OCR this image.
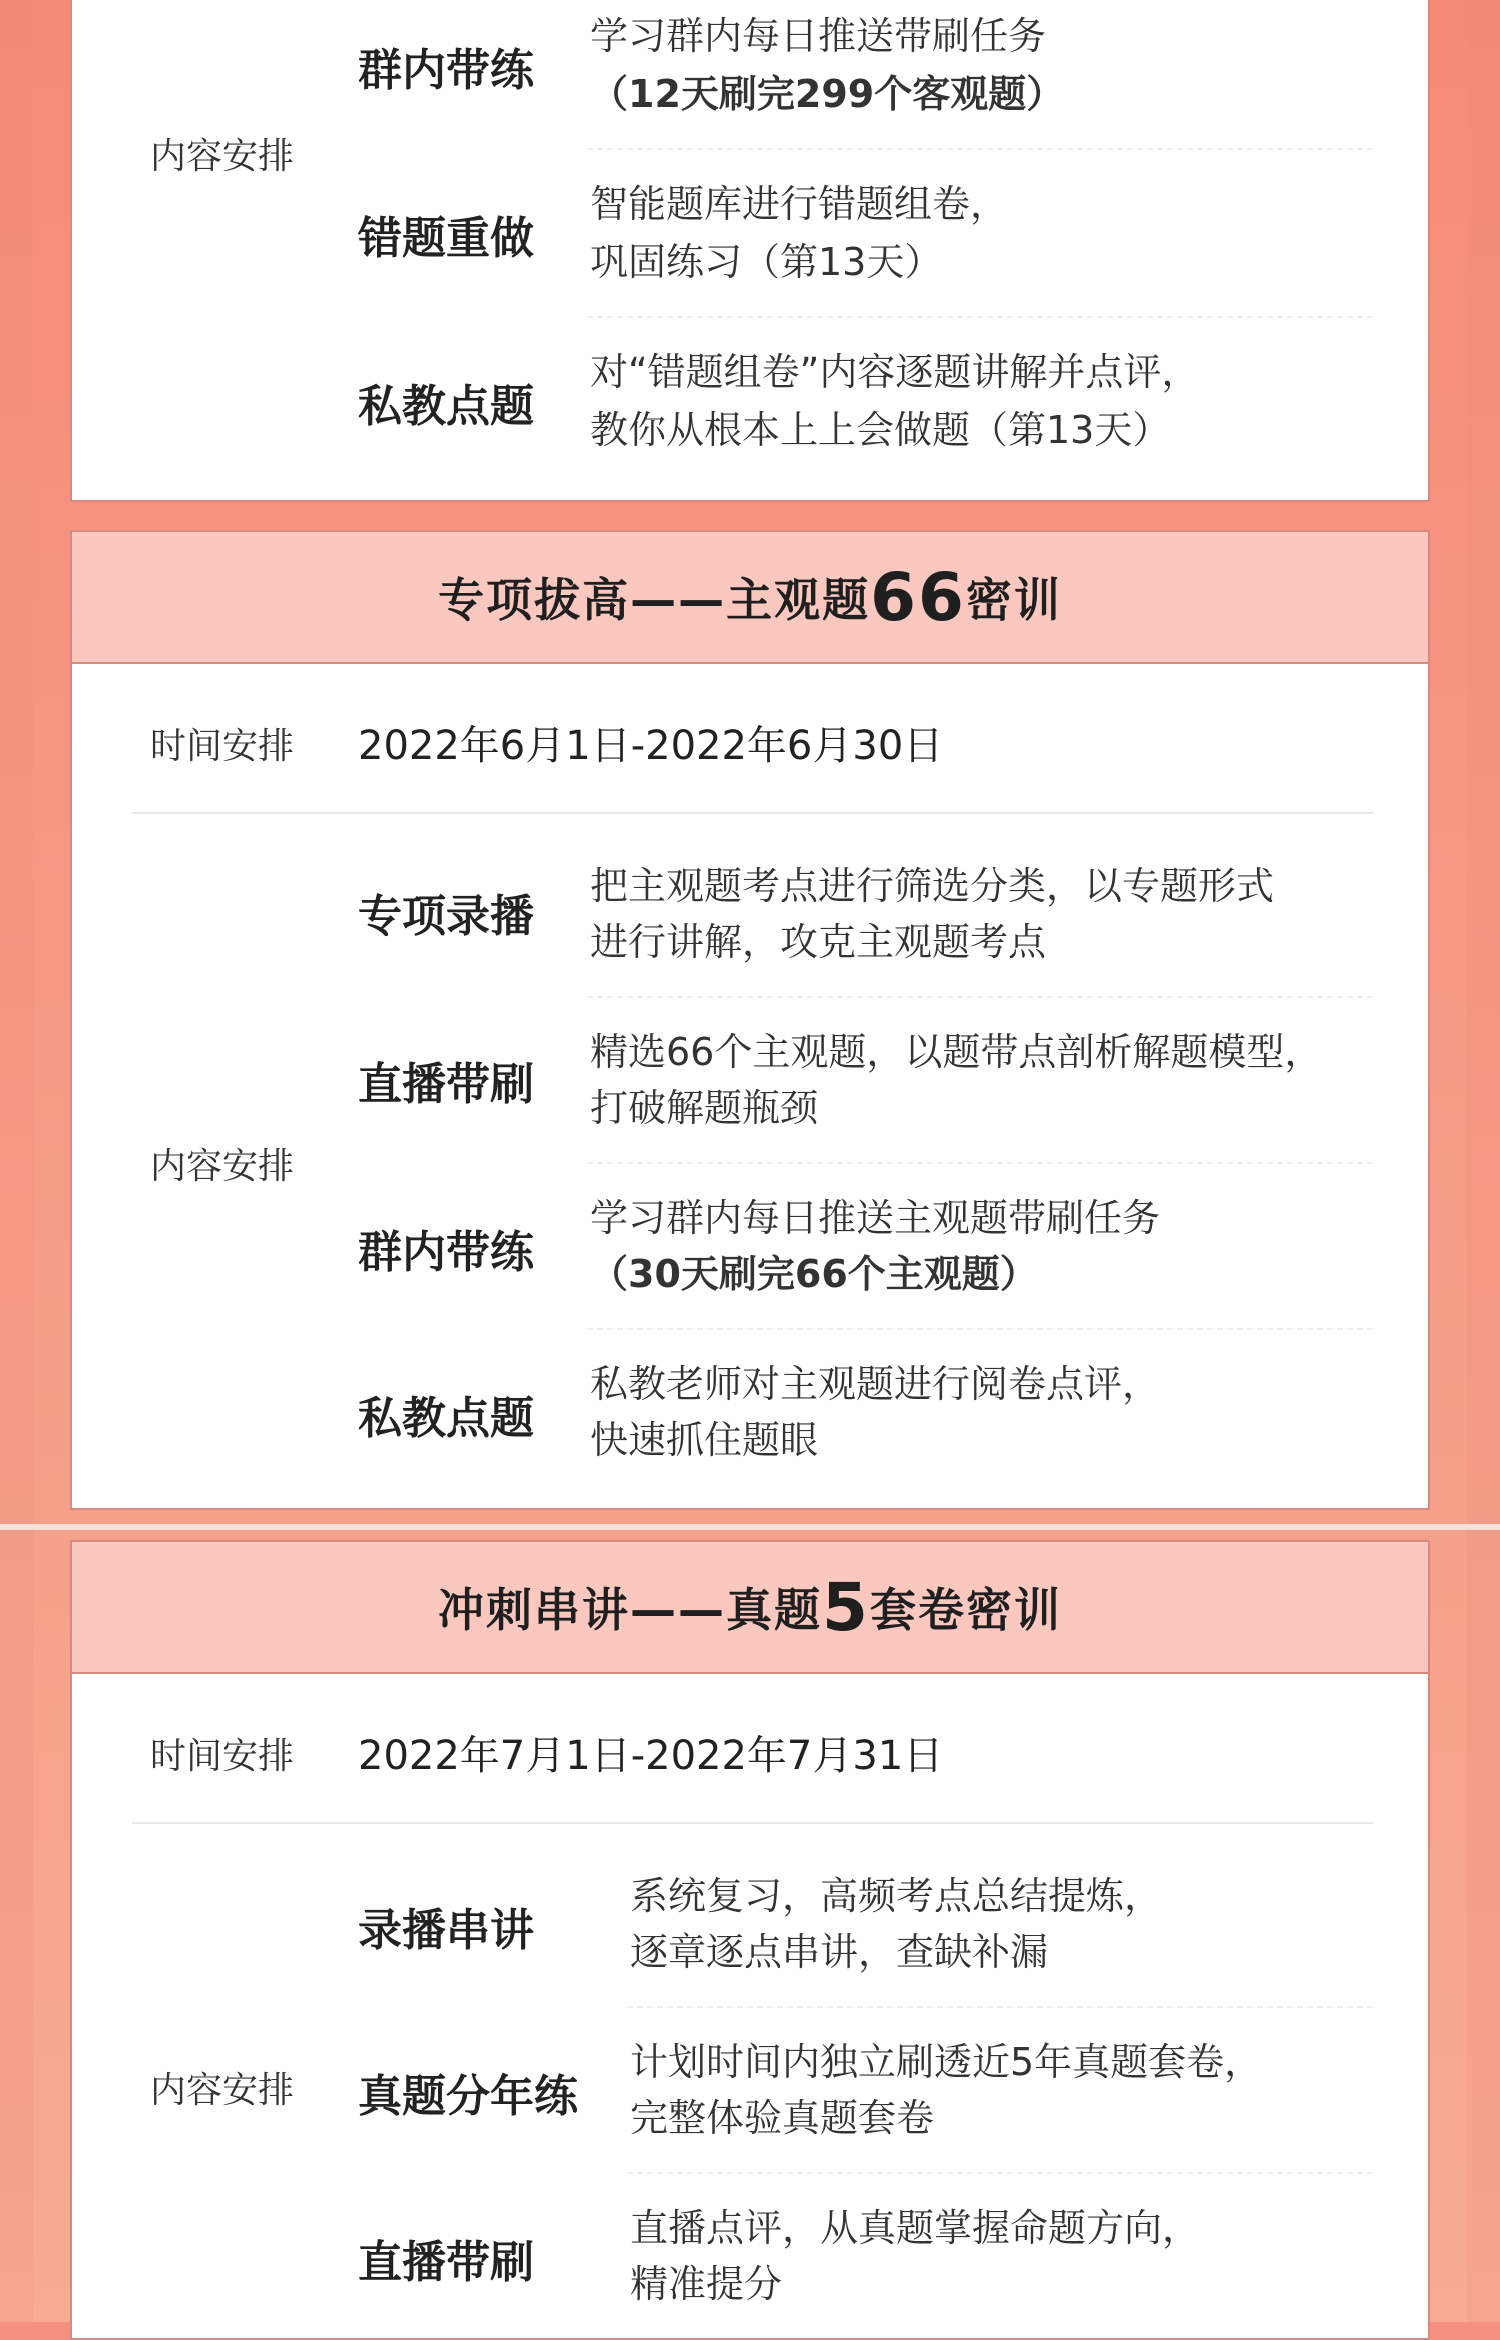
内容安排
群内带练
学习群内每日推送带刷任务
（12天刷完299个客观题）
错题重做
智能题库进行错题组卷，
巩固练习（第13天）
私教点题
对“错题组卷”内容逐题讲解并点评，
教你从根本上上会做题（第13天）
专项拔高——主观题 66 密训
时间安排 2022年6月1日-2022年6月30日
内容安排
专项录播
把主观题考点进行筛选分类，以专题形式
进行讲解，攻克主观题考点
直播带刷
精选66个主观题，以题带点剖析解题模型，
打破解题瓶颈
群内带练
学习群内每日推送主观题带刷任务
（30天刷完66个主观题）
私教点题
私教老师对主观题进行阅卷点评，
快速抓住题眼
冲刺串讲——真题 5 套卷密训
时间安排 2022年7月1日-2022年7月31日
内容安排
录播串讲
系统复习，高频考点总结提炼，
逐章逐点串讲，查缺补漏
真题分年练
计划时间内独立刷透近5年真题套卷，
完整体验真题套卷
直播带刷
直播点评，从真题掌握命题方向，
精准提分
